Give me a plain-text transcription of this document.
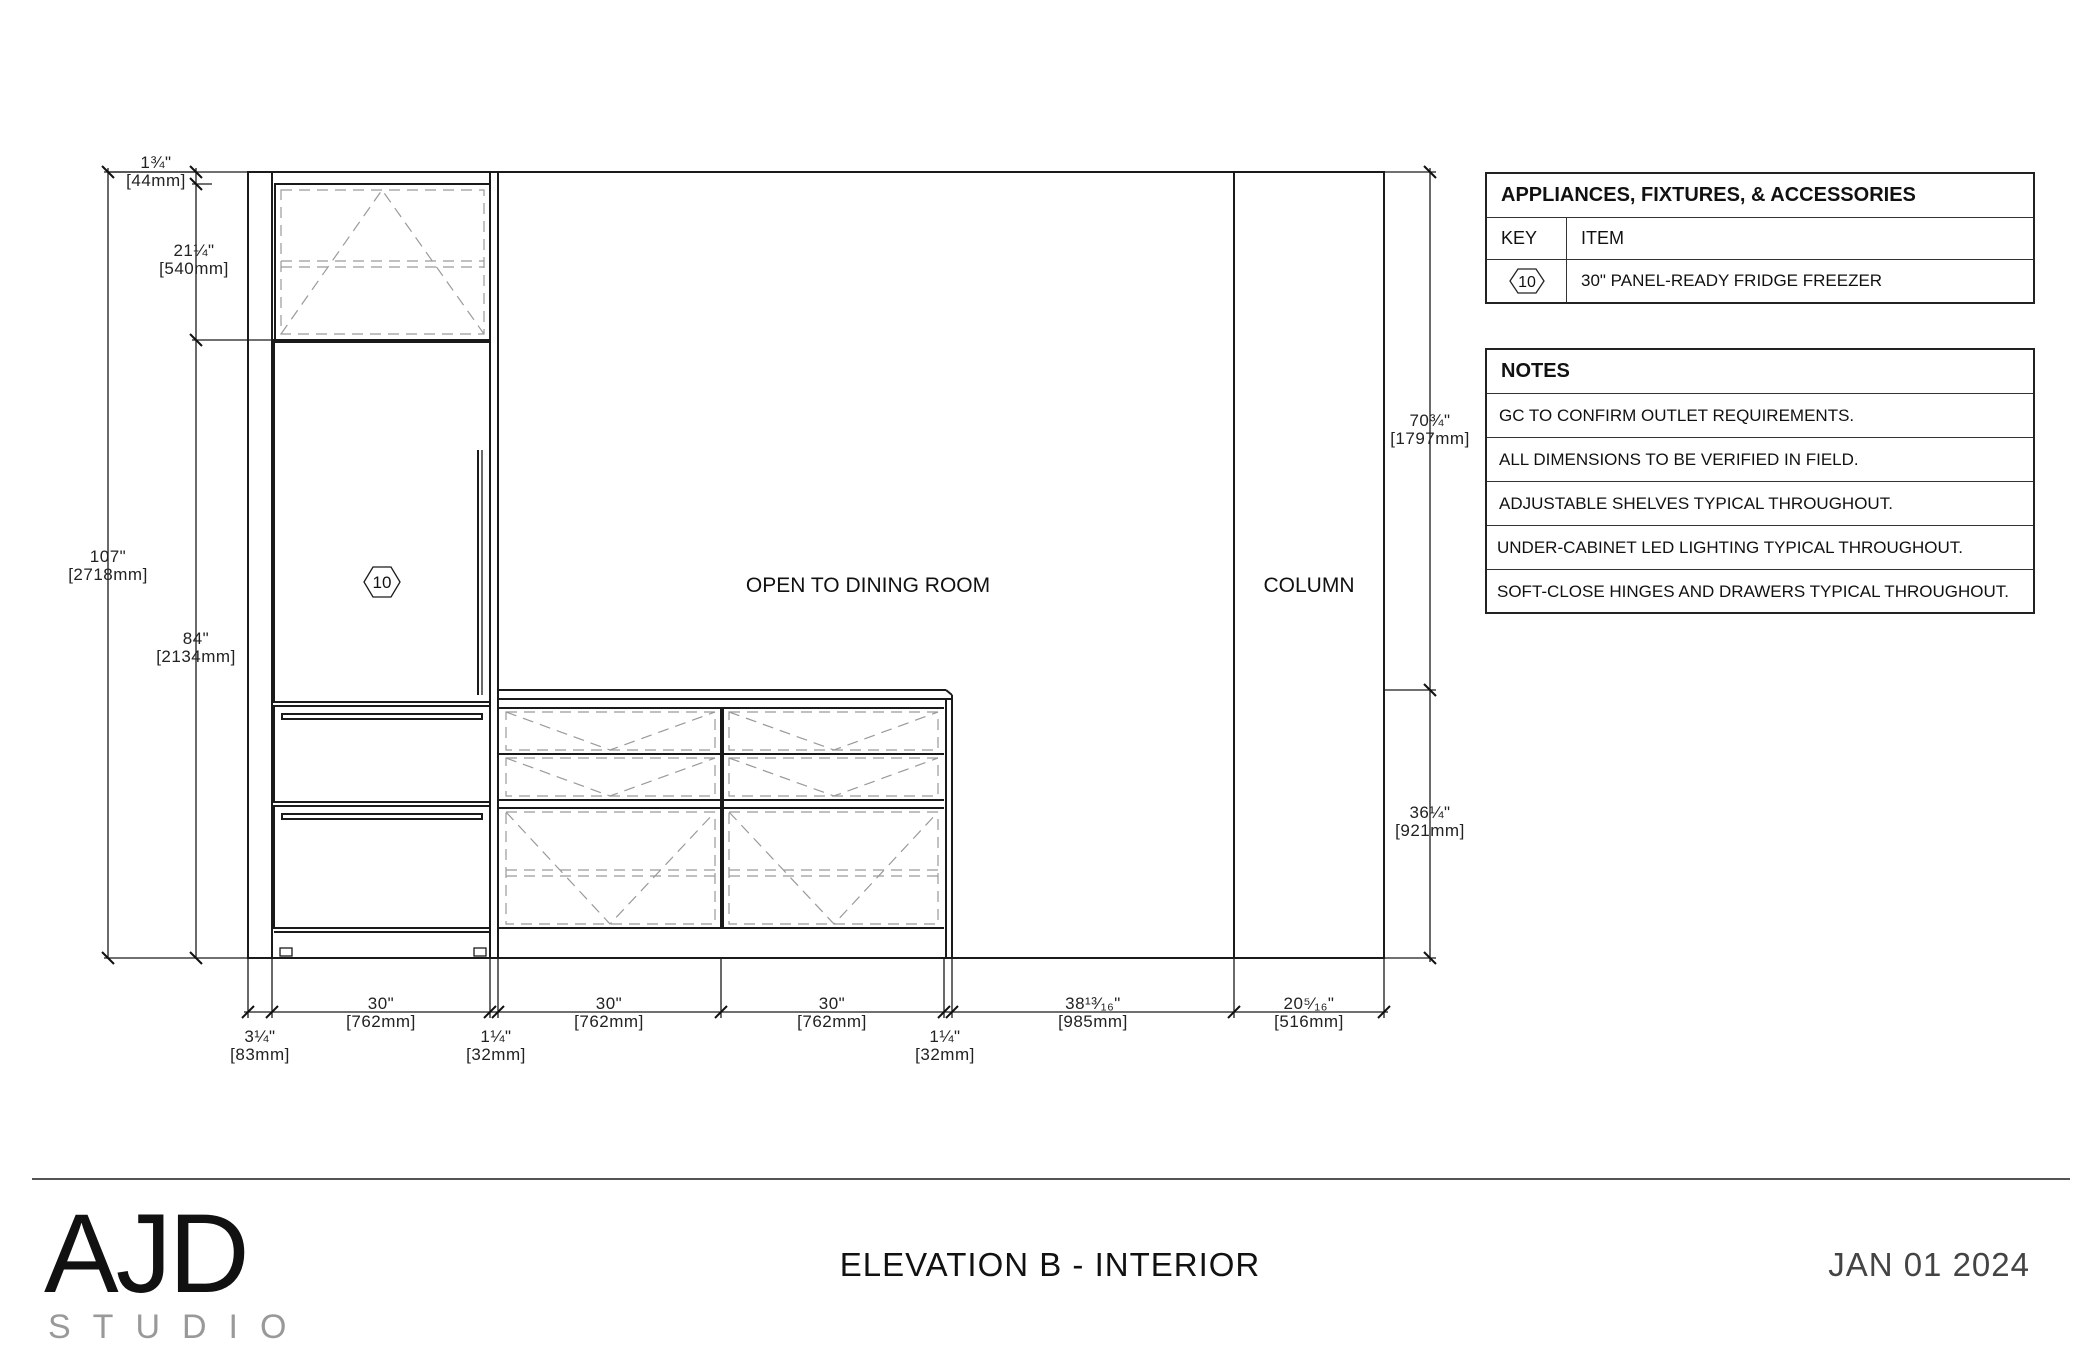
10	OPEN TO DINING ROOM	COLUMN
1¾"
[44mm]
21¼"
[540mm]
107"
[2718mm]
84"
[2134mm]
70¾"
[1797mm]
36¼"
[921mm]
30"
[762mm]
30"
[762mm]
30"
[762mm]
38¹³⁄₁₆"
[985mm]
20⁵⁄₁₆"
[516mm]
3¼"
[83mm]
1¼"
[32mm]
1¼"
[32mm]
APPLIANCES, FIXTURES, & ACCESSORIES
KEY	ITEM
10	30" PANEL-READY FRIDGE FREEZER
NOTES
GC TO CONFIRM OUTLET REQUIREMENTS.
ALL DIMENSIONS TO BE VERIFIED IN FIELD.
ADJUSTABLE SHELVES TYPICAL THROUGHOUT.
UNDER-CABINET LED LIGHTING TYPICAL THROUGHOUT.
SOFT-CLOSE HINGES AND DRAWERS TYPICAL THROUGHOUT.
AJD
STUDIO
ELEVATION B - INTERIOR	JAN 01 2024
